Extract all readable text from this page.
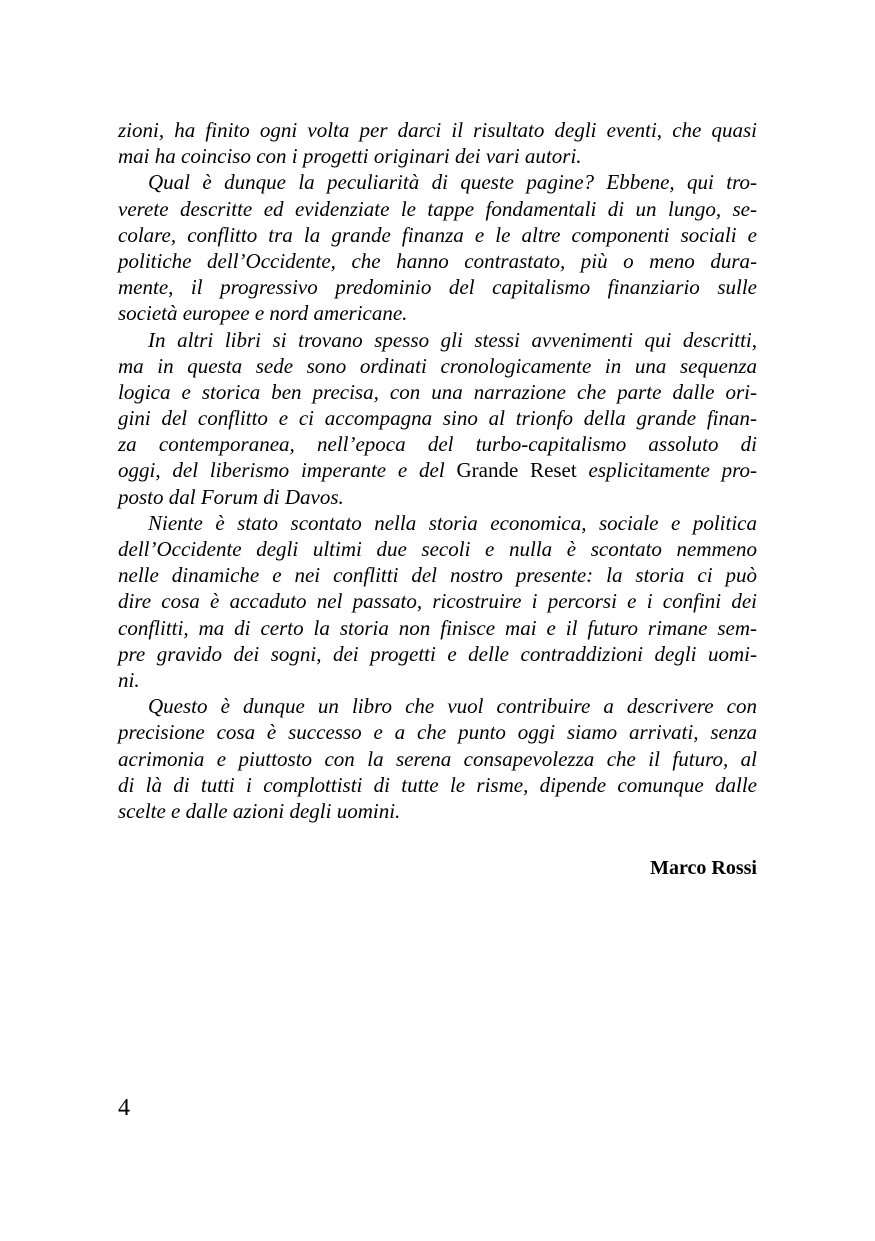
zioni, ha finito ogni volta per darci il risultato degli eventi, che quasi
mai ha coinciso con i progetti originari dei vari autori.
Qual è dunque la peculiarità di queste pagine? Ebbene, qui tro-
verete descritte ed evidenziate le tappe fondamentali di un lungo, se-
colare, conflitto tra la grande finanza e le altre componenti sociali e
politiche dell’Occidente, che hanno contrastato, più o meno dura-
mente, il progressivo predominio del capitalismo finanziario sulle
società europee e nord americane.
In altri libri si trovano spesso gli stessi avvenimenti qui descritti,
ma in questa sede sono ordinati cronologicamente in una sequenza
logica e storica ben precisa, con una narrazione che parte dalle ori-
gini del conflitto e ci accompagna sino al trionfo della grande finan-
za contemporanea, nell’epoca del turbo-capitalismo assoluto di
oggi, del liberismo imperante e del Grande Reset esplicitamente pro-
posto dal Forum di Davos.
Niente è stato scontato nella storia economica, sociale e politica
dell’Occidente degli ultimi due secoli e nulla è scontato nemmeno
nelle dinamiche e nei conflitti del nostro presente: la storia ci può
dire cosa è accaduto nel passato, ricostruire i percorsi e i confini dei
conflitti, ma di certo la storia non finisce mai e il futuro rimane sem-
pre gravido dei sogni, dei progetti e delle contraddizioni degli uomi-
ni.
Questo è dunque un libro che vuol contribuire a descrivere con
precisione cosa è successo e a che punto oggi siamo arrivati, senza
acrimonia e piuttosto con la serena consapevolezza che il futuro, al
di là di tutti i complottisti di tutte le risme, dipende comunque dalle
scelte e dalle azioni degli uomini.
Marco Rossi
4
